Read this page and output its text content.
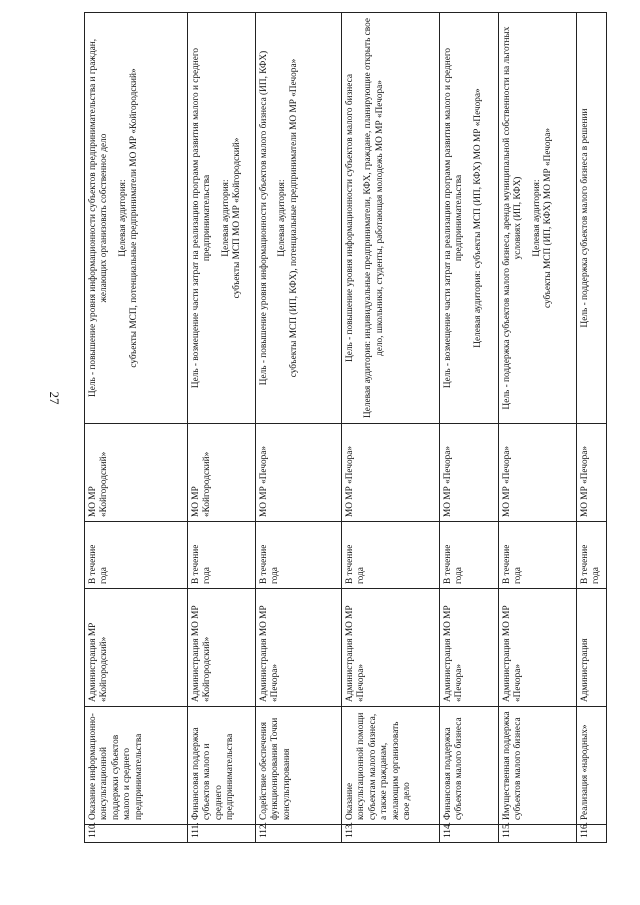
27
110.	Оказание информационно-консультационной поддержки субъектов малого и среднего предпринимательства	Администрация МР «Койгородский»	В течение года	МО МР «Койгородский»	Цель - повышение уровня информационности субъектов предпринимательства и граждан, желающих организовать собственное дело Целевая аудитория: субъекты МСП, потенциальные предприниматели МО МР «Койгородский»

111.	Финансовая поддержка субъектов малого и среднего предпринимательства	Администрация МО МР «Койгородский»	В течение года	МО МР «Койгородский»	Цель - возмещение части затрат на реализацию программ развития малого и среднего предпринимательства Целевая аудитория: субъекты МСП МО МР «Койгородский»

112.	Содействие обеспечения функционирования Точки консультирования	Администрация МО МР «Печора»	В течение года	МО МР «Печора»	Цель - повышение уровня информационности субъектов малого бизнеса (ИП, КФХ) Целевая аудитория: субъекты МСП (ИП, КФХ), потенциальные предприниматели МО МР «Печора»

113.	Оказание консультационной помощи субъектам малого бизнеса, а также гражданам, желающим организовать свое дело	Администрация МО МР «Печора»	В течение года	МО МР «Печора»	Цель - повышение уровня информационности субъектов малого бизнеса Целевая аудитория: индивидуальные предприниматели, КФХ, граждане, планирующие открыть свое дело, школьники, студенты, работающая молодежь МО МР «Печора»

114.	Финансовая поддержка субъектов малого бизнеса	Администрация МО МР «Печора»	В течение года	МО МР «Печора»	Цель - возмещение части затрат на реализацию программ развития малого и среднего предпринимательства Целевая аудитория: субъекты МСП (ИП, КФХ) МО МР «Печора»

115.	Имущественная поддержка субъектов малого бизнеса	Администрация МО МР «Печора»	В течение года	МО МР «Печора»	Цель - поддержка субъектов малого бизнеса, аренда муниципальной собственности на льготных условиях (ИП, КФХ) Целевая аудитория: субъекты МСП (ИП, КФХ) МО МР «Печора»

116.	Реализация «народных»	Администрация	В течение года	МО МР «Печора»	Цель - поддержка субъектов малого бизнеса в решении
